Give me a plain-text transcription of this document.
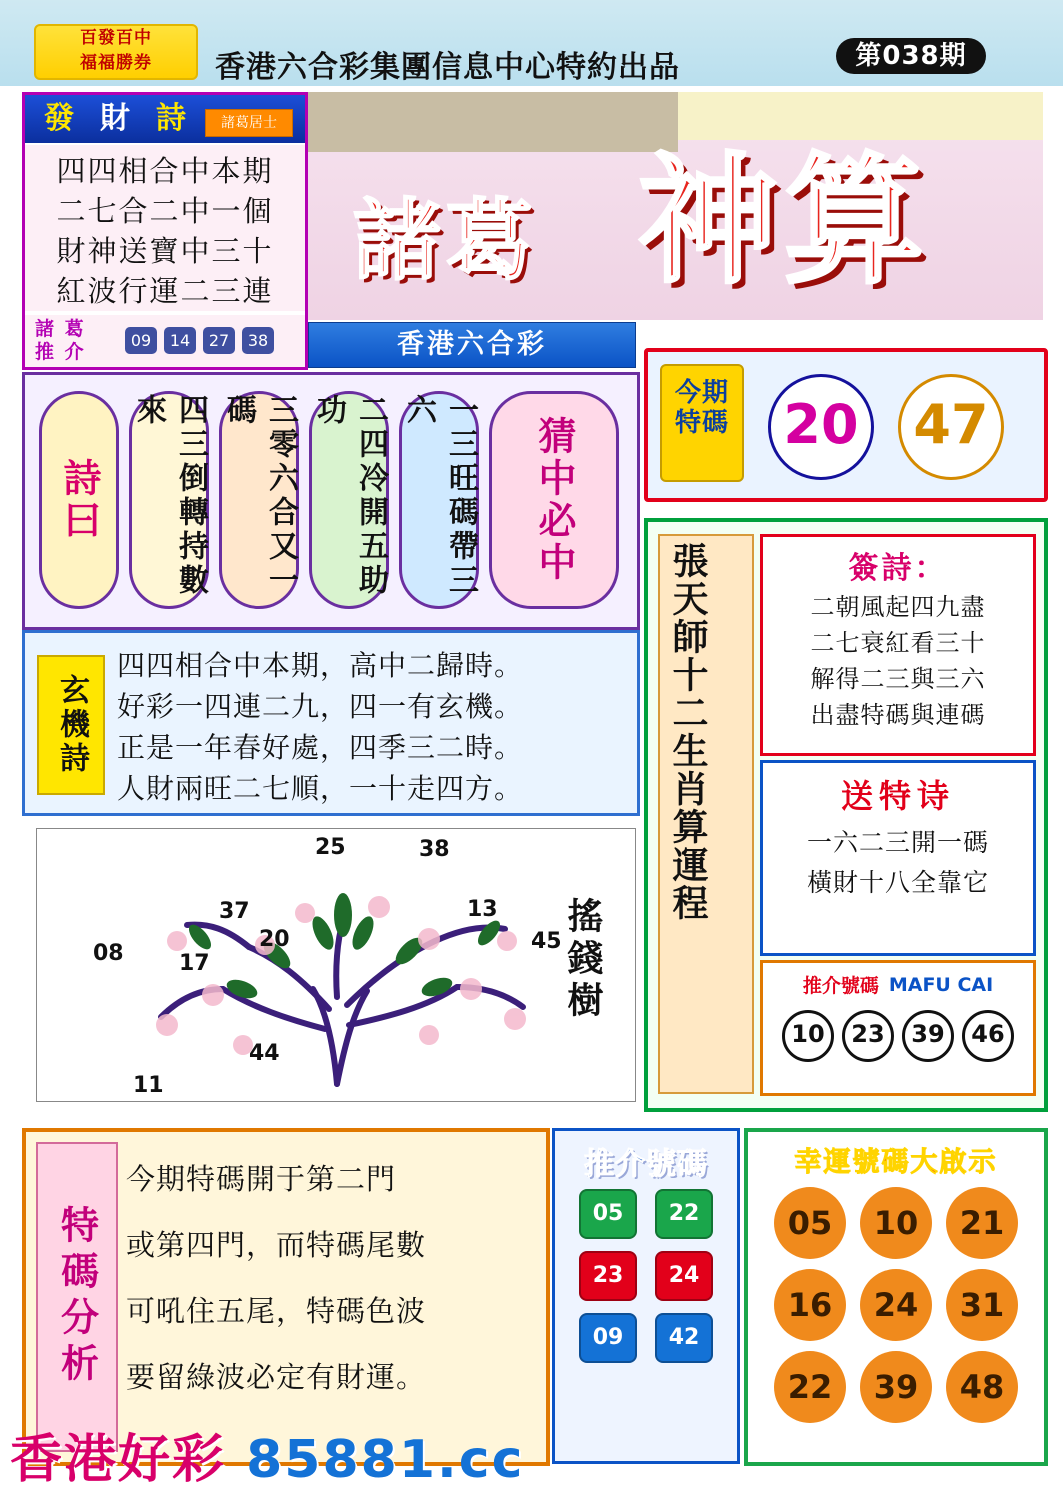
百發百中
福福勝券	香港六合彩集團信息中心特約出品	第038期
發 財 詩	諸葛居士
四四相合中本期
二七合二中一個
財神送寶中三十
紅波行運二三連
諸 葛
推 介
09	14	27	38
諸葛 神算
香港六合彩
今期特碼 20 47
詩曰	四三倒轉持數來	三零六合又一碼	二四冷開五助功	一三旺碼帶三六
猜中必中
玄機詩
四四相合中本期，高中二歸時。
好彩一四連二九，四一有玄機。
正是一年春好處，四季三二時。
人財兩旺二七順，一十走四方。
25	38
37	13
20	45
08	17
44
11
搖錢樹
張天師十二生肖算運程	簽詩：
二朝風起四九盡
二七衰紅看三十
解得二三與三六
出盡特碼與連碼
送特诗
一六二三開一碼
橫財十八全靠它
推介號碼 MAFU CAI
10	23	39	46
特碼分析
今期特碼開于第二門
或第四門，而特碼尾數
可吼住五尾，特碼色波
要留綠波必定有財運。
推介號碼
05	22
23	24
09	42
幸運號碼大啟示
05	10	21
16	24	31
22	39	48
香港好彩 85881.cc
